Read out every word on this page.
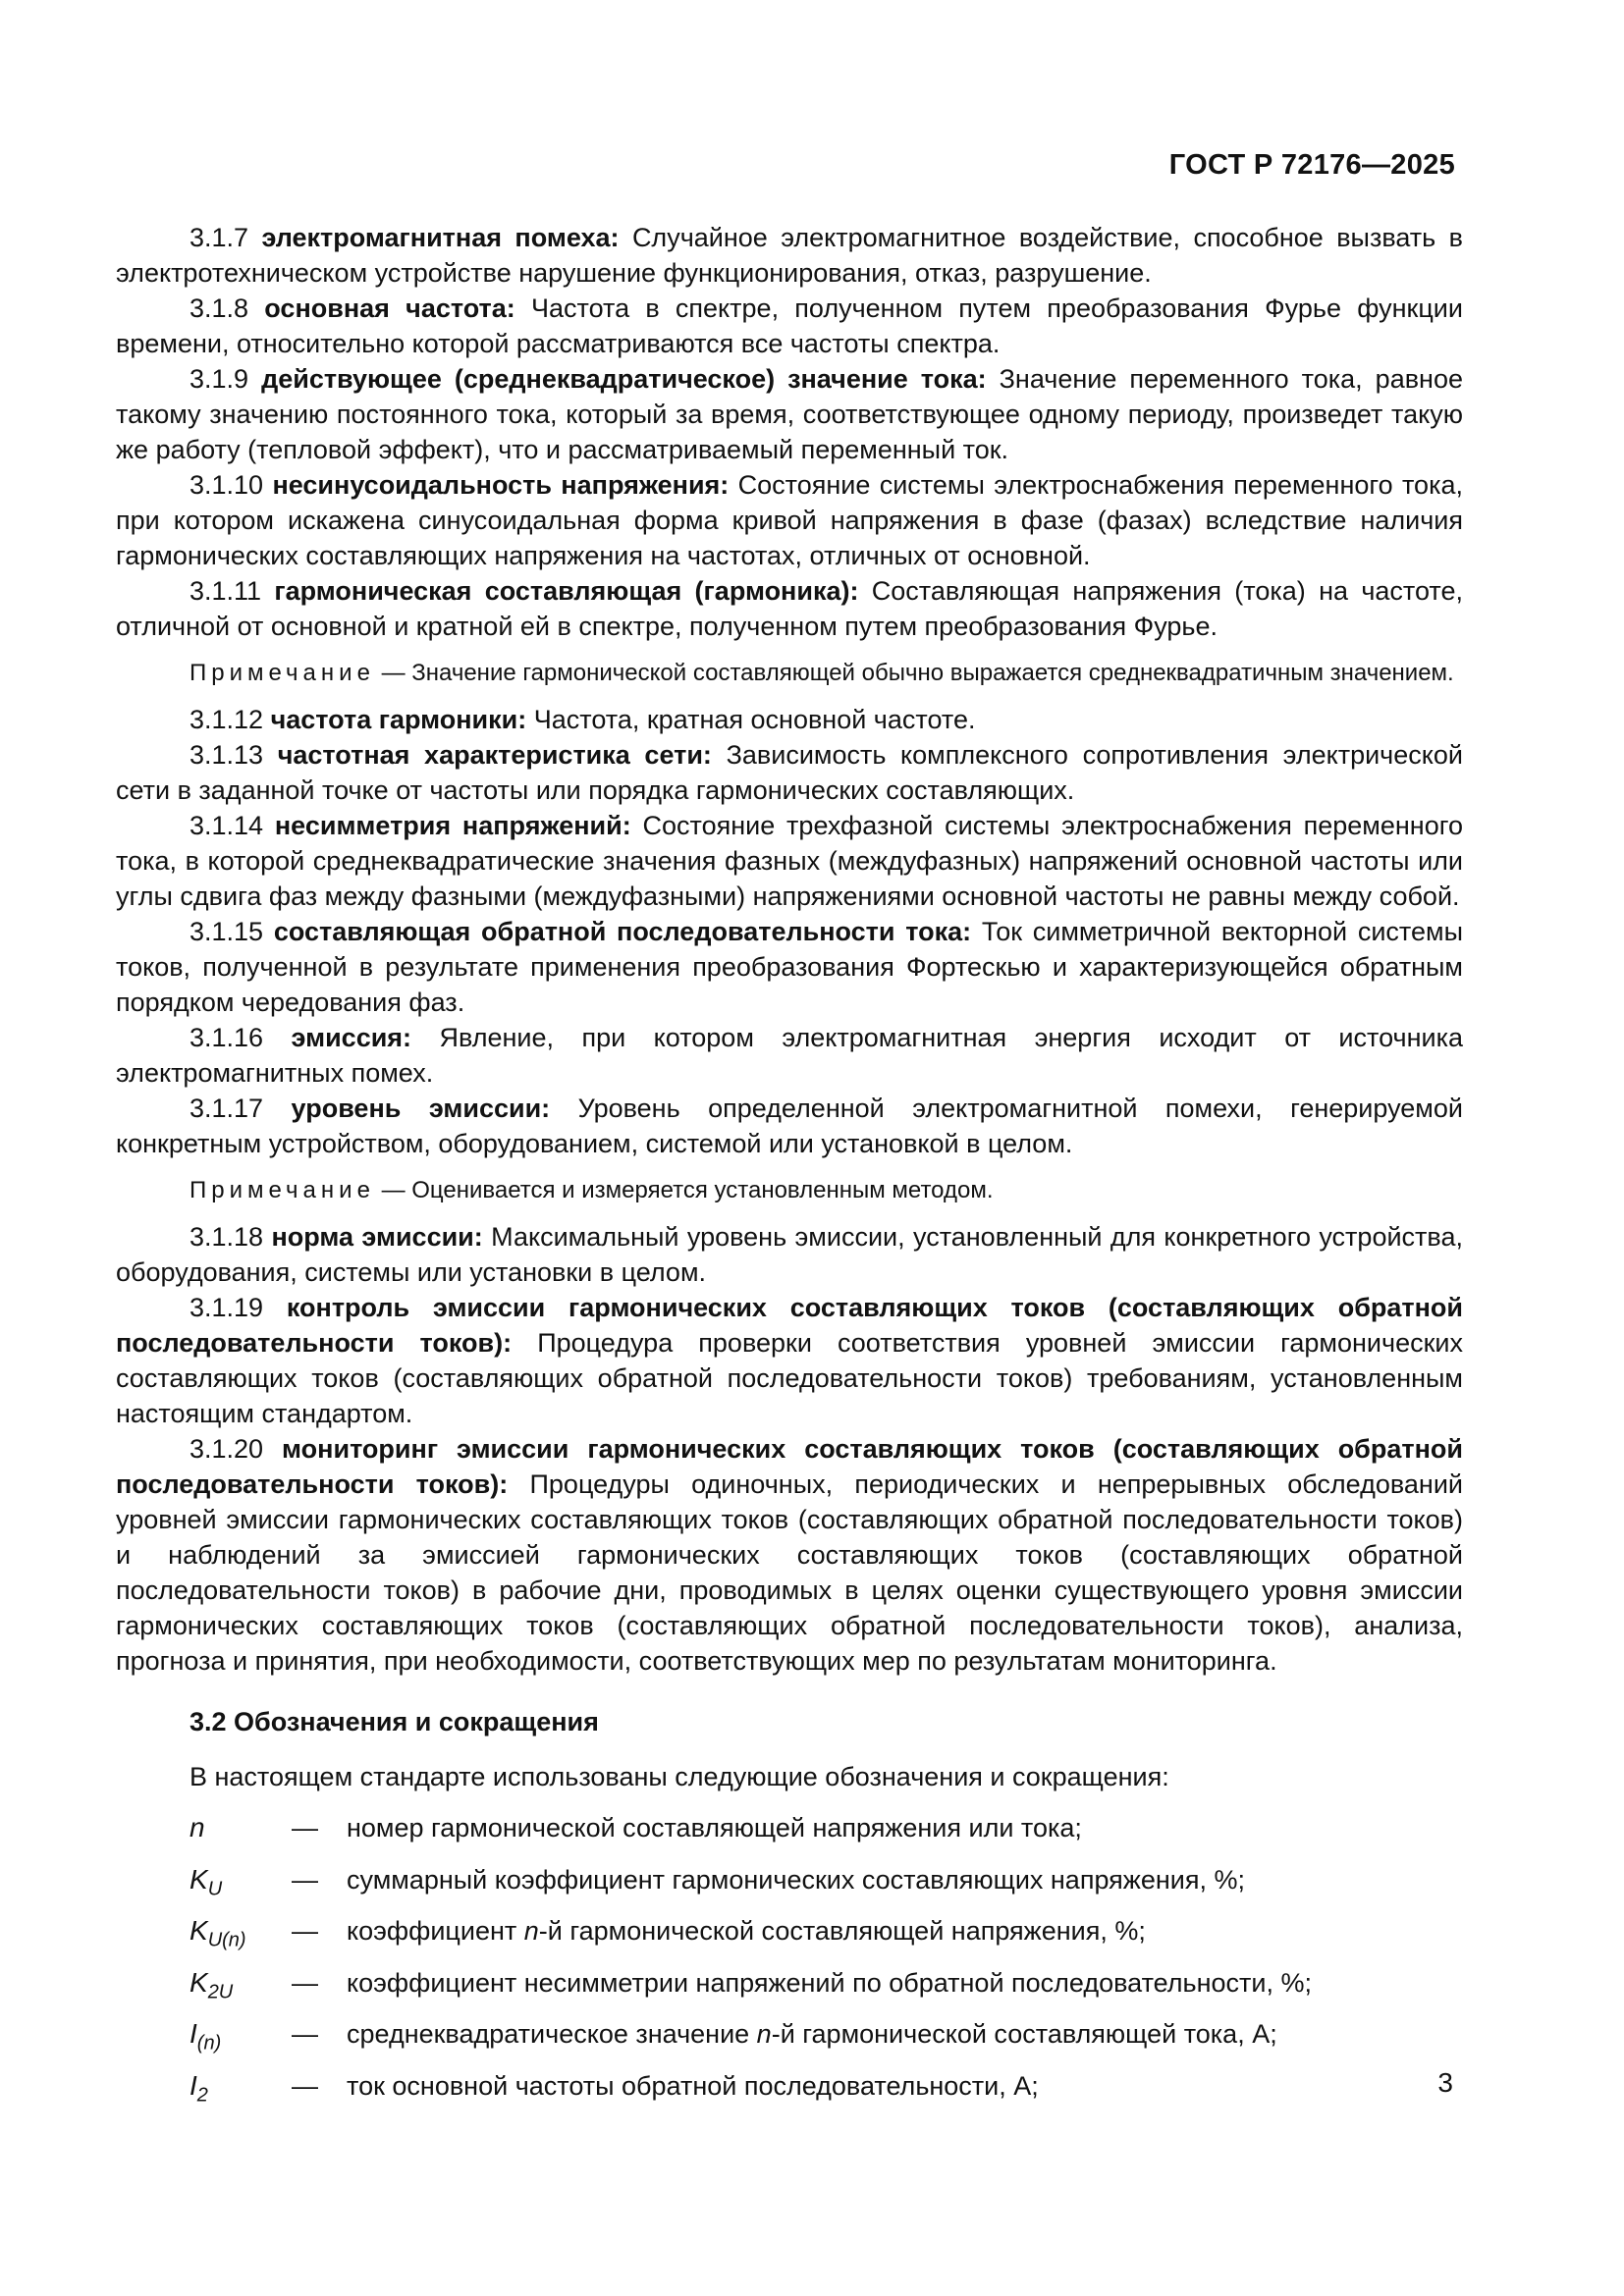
ГОСТ Р 72176—2025

3.1.7 электромагнитная помеха: Случайное электромагнитное воздействие, способное вызвать в электротехническом устройстве нарушение функционирования, отказ, разрушение.

3.1.8 основная частота: Частота в спектре, полученном путем преобразования Фурье функции времени, относительно которой рассматриваются все частоты спектра.

3.1.9 действующее (среднеквадратическое) значение тока: Значение переменного тока, равное такому значению постоянного тока, который за время, соответствующее одному периоду, произведет такую же работу (тепловой эффект), что и рассматриваемый переменный ток.

3.1.10 несинусоидальность напряжения: Состояние системы электроснабжения переменного тока, при котором искажена синусоидальная форма кривой напряжения в фазе (фазах) вследствие наличия гармонических составляющих напряжения на частотах, отличных от основной.

3.1.11 гармоническая составляющая (гармоника): Составляющая напряжения (тока) на частоте, отличной от основной и кратной ей в спектре, полученном путем преобразования Фурье.

Примечание — Значение гармонической составляющей обычно выражается среднеквадратичным значением.

3.1.12 частота гармоники: Частота, кратная основной частоте.

3.1.13 частотная характеристика сети: Зависимость комплексного сопротивления электрической сети в заданной точке от частоты или порядка гармонических составляющих.

3.1.14 несимметрия напряжений: Состояние трехфазной системы электроснабжения переменного тока, в которой среднеквадратические значения фазных (междуфазных) напряжений основной частоты или углы сдвига фаз между фазными (междуфазными) напряжениями основной частоты не равны между собой.

3.1.15 составляющая обратной последовательности тока: Ток симметричной векторной системы токов, полученной в результате применения преобразования Фортескью и характеризующейся обратным порядком чередования фаз.

3.1.16 эмиссия: Явление, при котором электромагнитная энергия исходит от источника электромагнитных помех.

3.1.17 уровень эмиссии: Уровень определенной электромагнитной помехи, генерируемой конкретным устройством, оборудованием, системой или установкой в целом.

Примечание — Оценивается и измеряется установленным методом.

3.1.18 норма эмиссии: Максимальный уровень эмиссии, установленный для конкретного устройства, оборудования, системы или установки в целом.

3.1.19 контроль эмиссии гармонических составляющих токов (составляющих обратной последовательности токов): Процедура проверки соответствия уровней эмиссии гармонических составляющих токов (составляющих обратной последовательности токов) требованиям, установленным настоящим стандартом.

3.1.20 мониторинг эмиссии гармонических составляющих токов (составляющих обратной последовательности токов): Процедуры одиночных, периодических и непрерывных обследований уровней эмиссии гармонических составляющих токов (составляющих обратной последовательности токов) и наблюдений за эмиссией гармонических составляющих токов (составляющих обратной последовательности токов) в рабочие дни, проводимых в целях оценки существующего уровня эмиссии гармонических составляющих токов (составляющих обратной последовательности токов), анализа, прогноза и принятия, при необходимости, соответствующих мер по результатам мониторинга.

3.2 Обозначения и сокращения

В настоящем стандарте использованы следующие обозначения и сокращения:

n	—	номер гармонической составляющей напряжения или тока;
$K_U$	—	суммарный коэффициент гармонических составляющих напряжения, %;
$K_{U(n)}$	—	коэффициент n-й гармонической составляющей напряжения, %;
$K_{2U}$	—	коэффициент несимметрии напряжений по обратной последовательности, %;
$I_{(n)}$	—	среднеквадратическое значение n-й гармонической составляющей тока, А;
$I_2$	—	ток основной частоты обратной последовательности, А;	3
